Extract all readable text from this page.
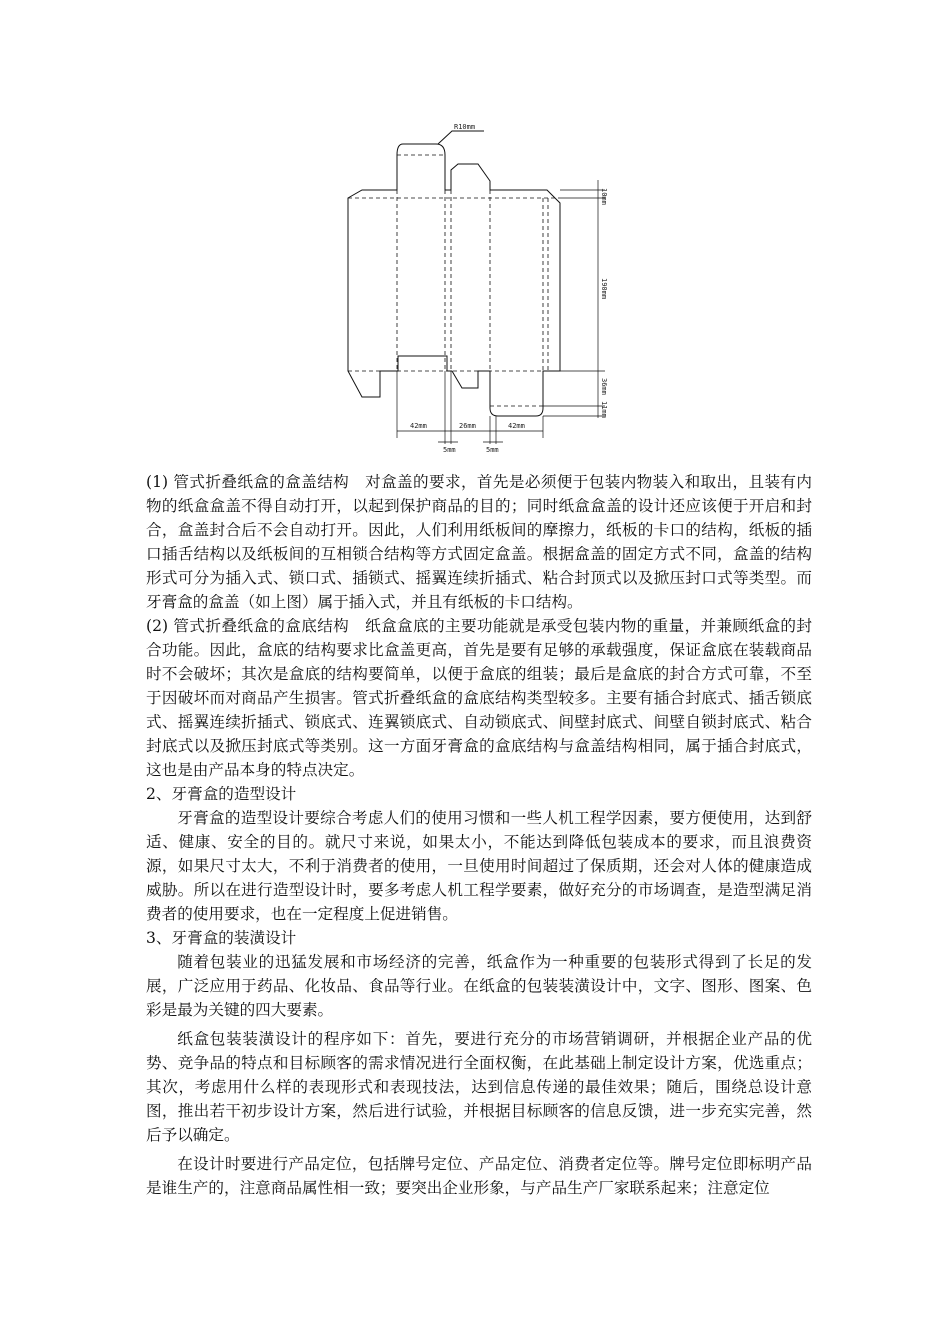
R10mm
10mm
190mm
36mm
11mm
42mm	26mm	42mm
5mm	5mm

(1) 管式折叠纸盒的盒盖结构　对盒盖的要求，首先是必须便于包装内物装入和取出，且装有内物的纸盒盒盖不得自动打开，以起到保护商品的目的；同时纸盒盒盖的设计还应该便于开启和封合，盒盖封合后不会自动打开。因此，人们利用纸板间的摩擦力，纸板的卡口的结构，纸板的插口插舌结构以及纸板间的互相锁合结构等方式固定盒盖。根据盒盖的固定方式不同，盒盖的结构形式可分为插入式、锁口式、插锁式、摇翼连续折插式、粘合封顶式以及掀压封口式等类型。而牙膏盒的盒盖（如上图）属于插入式，并且有纸板的卡口结构。

(2) 管式折叠纸盒的盒底结构　纸盒盒底的主要功能就是承受包装内物的重量，并兼顾纸盒的封合功能。因此，盒底的结构要求比盒盖更高，首先是要有足够的承载强度，保证盒底在装载商品时不会破坏；其次是盒底的结构要简单，以便于盒底的组装；最后是盒底的封合方式可靠，不至于因破坏而对商品产生损害。管式折叠纸盒的盒底结构类型较多。主要有插合封底式、插舌锁底式、摇翼连续折插式、锁底式、连翼锁底式、自动锁底式、间壁封底式、间壁自锁封底式、粘合封底式以及掀压封底式等类别。这一方面牙膏盒的盒底结构与盒盖结构相同，属于插合封底式，这也是由产品本身的特点决定。

2、牙膏盒的造型设计

牙膏盒的造型设计要综合考虑人们的使用习惯和一些人机工程学因素，要方便使用，达到舒适、健康、安全的目的。就尺寸来说，如果太小，不能达到降低包装成本的要求，而且浪费资源，如果尺寸太大，不利于消费者的使用，一旦使用时间超过了保质期，还会对人体的健康造成威胁。所以在进行造型设计时，要多考虑人机工程学要素，做好充分的市场调查，是造型满足消费者的使用要求，也在一定程度上促进销售。

3、牙膏盒的装潢设计

随着包装业的迅猛发展和市场经济的完善，纸盒作为一种重要的包装形式得到了长足的发展，广泛应用于药品、化妆品、食品等行业。在纸盒的包装装潢设计中，文字、图形、图案、色彩是最为关键的四大要素。

纸盒包装装潢设计的程序如下：首先，要进行充分的市场营销调研，并根据企业产品的优势、竞争品的特点和目标顾客的需求情况进行全面权衡，在此基础上制定设计方案，优选重点；其次，考虑用什么样的表现形式和表现技法，达到信息传递的最佳效果；随后，围绕总设计意图，推出若干初步设计方案，然后进行试验，并根据目标顾客的信息反馈，进一步充实完善，然后予以确定。

在设计时要进行产品定位，包括牌号定位、产品定位、消费者定位等。牌号定位即标明产品是谁生产的，注意商品属性相一致；要突出企业形象，与产品生产厂家联系起来；注意定位
